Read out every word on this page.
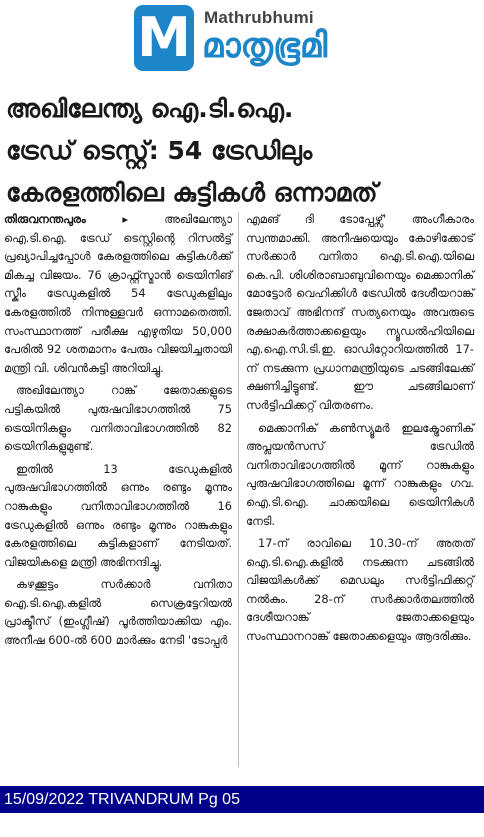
M Mathrubhumi
മാതൃഭൂമി
അഖിലേന്ത്യ ഐ.ടി.ഐ.
ട്രേഡ് ടെസ്റ്റ്: 54 ട്രേഡിലും
കേരളത്തിലെ കുട്ടികൾ ഒന്നാമത്

തിരുവനന്തപുരം ▸	അഖിലേന്ത്യാ ഐ.ടി.ഐ. ട്രേഡ് ടെസ്റ്റിന്റെ റിസൽട്ട് പ്രഖ്യാപിച്ചപ്പോൾ കേരളത്തിലെ കുട്ടികൾക്ക് മികച്ച വിജയം. 76 ക്രാഫ്റ്റ്സ്മാൻ ട്രെയിനിങ് സ്കീം ട്രേഡുകളിൽ 54 ട്രേഡുകളിലും കേരളത്തിൽ നിന്നുള്ളവർ ഒന്നാമതെത്തി. സംസ്ഥാനത്ത് പരീക്ഷ എഴുതിയ 50,000 പേരിൽ 92 ശതമാനം പേരും വിജയിച്ചതായി മന്ത്രി വി. ശിവൻകുട്ടി അറിയിച്ചു.

അഖിലേന്ത്യാ റാങ്ക് ജേതാക്കളുടെ പട്ടികയിൽ പുരുഷവിഭാഗത്തിൽ 75 ട്രെയിനികളും വനിതാവിഭാഗത്തിൽ 82 ട്രെയിനികളുമുണ്ട്.

ഇതിൽ 13 ട്രേഡുകളിൽ പുരുഷവിഭാഗത്തിൽ ഒന്നും രണ്ടും മൂന്നും റാങ്കുകളും വനിതാവിഭാഗത്തിൽ 16 ട്രേഡുകളിൽ ഒന്നും രണ്ടും മൂന്നും റാങ്കുകളും കേരളത്തിലെ കുട്ടികളാണ് നേടിയത്. വിജയികളെ മന്ത്രി അഭിനന്ദിച്ചു.

കഴക്കൂട്ടം സർക്കാർ വനിതാ ഐ.ടി.ഐ.കളിൽ സെക്രട്ടേറിയൽ പ്രാക്ടീസ് (ഇംഗ്ലീഷ്) പൂർത്തിയാക്കിയ എം. അനീഷ 600-ൽ 600 മാർക്കും നേടി 'ടോപ്പർ

എമങ് ദി ടോപ്പേഴ്സ്' അംഗീകാരം സ്വന്തമാക്കി. അനീഷയെയും കോഴിക്കോട് സർക്കാർ വനിതാ ഐ.ടി.ഐ.യിലെ കെ.പി. ശിശിരാബാബുവിനെയും മെക്കാനിക് മോട്ടോർ വെഹിക്കിൾ ട്രേഡിൽ ദേശീയറാങ്ക് ജേതാവ് അഭിനന്ദ് സത്യനെയും അവരുടെ രക്ഷാകർത്താക്കളെയും ന്യൂഡൽഹിയിലെ എ.ഐ.സി.ടി.ഇ. ഓഡിറ്റോറിയത്തിൽ 17-ന് നടക്കുന്ന പ്രധാനമന്ത്രിയുടെ ചടങ്ങിലേക്ക് ക്ഷണിച്ചിട്ടുണ്ട്. ഈ ചടങ്ങിലാണ് സർട്ടിഫിക്കറ്റ് വിതരണം.

മെക്കാനിക് കൺസ്യൂമർ ഇലക്ട്രോണിക് അപ്ലയൻസസ് ട്രേഡിൽ വനിതാവിഭാഗത്തിൽ മൂന്ന് റാങ്കുകളും പുരുഷവിഭാഗത്തിലെ മൂന്ന് റാങ്കുകളും ഗവ. ഐ.ടി.ഐ. ചാക്കയിലെ ട്രെയിനികൾ നേടി.

17-ന് രാവിലെ 10.30-ന് അതത് ഐ.ടി.ഐ.കളിൽ നടക്കുന്ന ചടങ്ങിൽ വിജയികൾക്ക് മെഡലും സർട്ടിഫിക്കറ്റ് നൽകും. 28-ന് സർക്കാർതലത്തിൽ ദേശീയറാങ്ക് ജേതാക്കളെയും സംസ്ഥാനറാങ്ക് ജേതാക്കളെയും ആദരിക്കും.

15/09/2022 TRIVANDRUM Pg 05
